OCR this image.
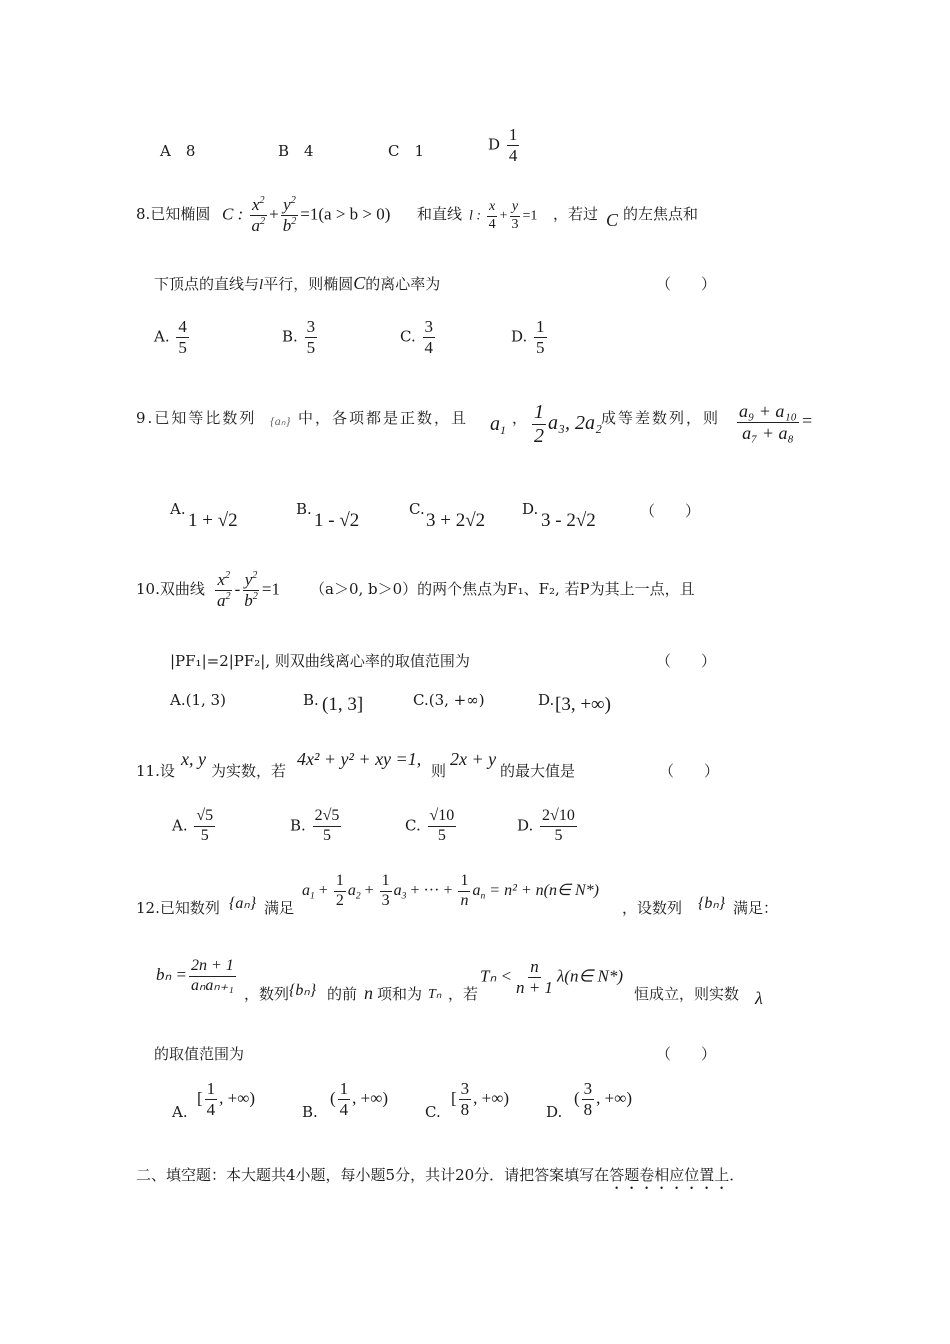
A　8	B　4	C　1	D $\frac{1}{4}$
8.已知椭圆 C : $\frac{x^2}{a^2} + \frac{y^2}{b^2} =1(a > b > 0)$ 和直线 l : $\frac{x}{4} + \frac{y}{3} =1$ ，若过 C 的左焦点和
下顶点的直线与l平行，则椭圆C的离心率为	（　　）
A. $\frac{4}{5}$	B. $\frac{3}{5}$	C. $\frac{3}{4}$	D. $\frac{1}{5}$
9.已知等比数列 {aₙ} 中，各项都是正数，且 $a_1$
， $\frac{1}{2} a_3$, 2a₂ 成等差数列，则 $\frac{\text{a₉ + a₁₀}}{\text{a₇ + a₈}}$ =
A.
1 + √2
B.
1 - √2
C.
3 + 2√2
D.
3 - 2√2	（　　）
10.双曲线 $\frac{x^2}{a^2} - \frac{y^2}{b^2} =1$ （a＞0, b＞0）的两个焦点为F₁、F₂, 若P为其上一点，且
|PF₁|=2|PF₂|, 则双曲线离心率的取值范围为	（　　）
A.(1, 3)	B. (1, 3]	C.(3, +∞)	D. [3, +∞)
11.设
x, y
为实数，若
4x² + y² + xy =1,
则
2x + y
的最大值是	（　　）
A. $\frac{√5}{5}$	B. $\frac{2√5}{5}$	C. $\frac{√10}{5}$	D. $\frac{2√10}{5}$
12.已知数列 {aₙ} 满足
$a_1 + \frac{1}{2} a_2 + \frac{1}{3} a_3$ + ··· + $\frac{1}{n} a_n = n^2$ + n(n∈ N*)
，设数列 {bₙ} 满足：
$b_n = \frac{2n + 1}{\text{aₙaₙ₊₁}}$ ，数列 {bₙ} 的前 n 项和为 Tₙ ，若
$T_n < \frac{n}{n + 1}$ λ(n∈ N*)
恒成立，则实数 λ
的取值范围为	（　　）
A.
[ $\frac{1}{4}$ , +∞)
B.
( $\frac{1}{4}$ , +∞)
C.
[ $\frac{3}{8}$ , +∞)
D.
( $\frac{3}{8}$ , +∞)
二、填空题：本大题共4小题，每小题5分，共计20分．请把答案填写在答题卷相应位置上．
